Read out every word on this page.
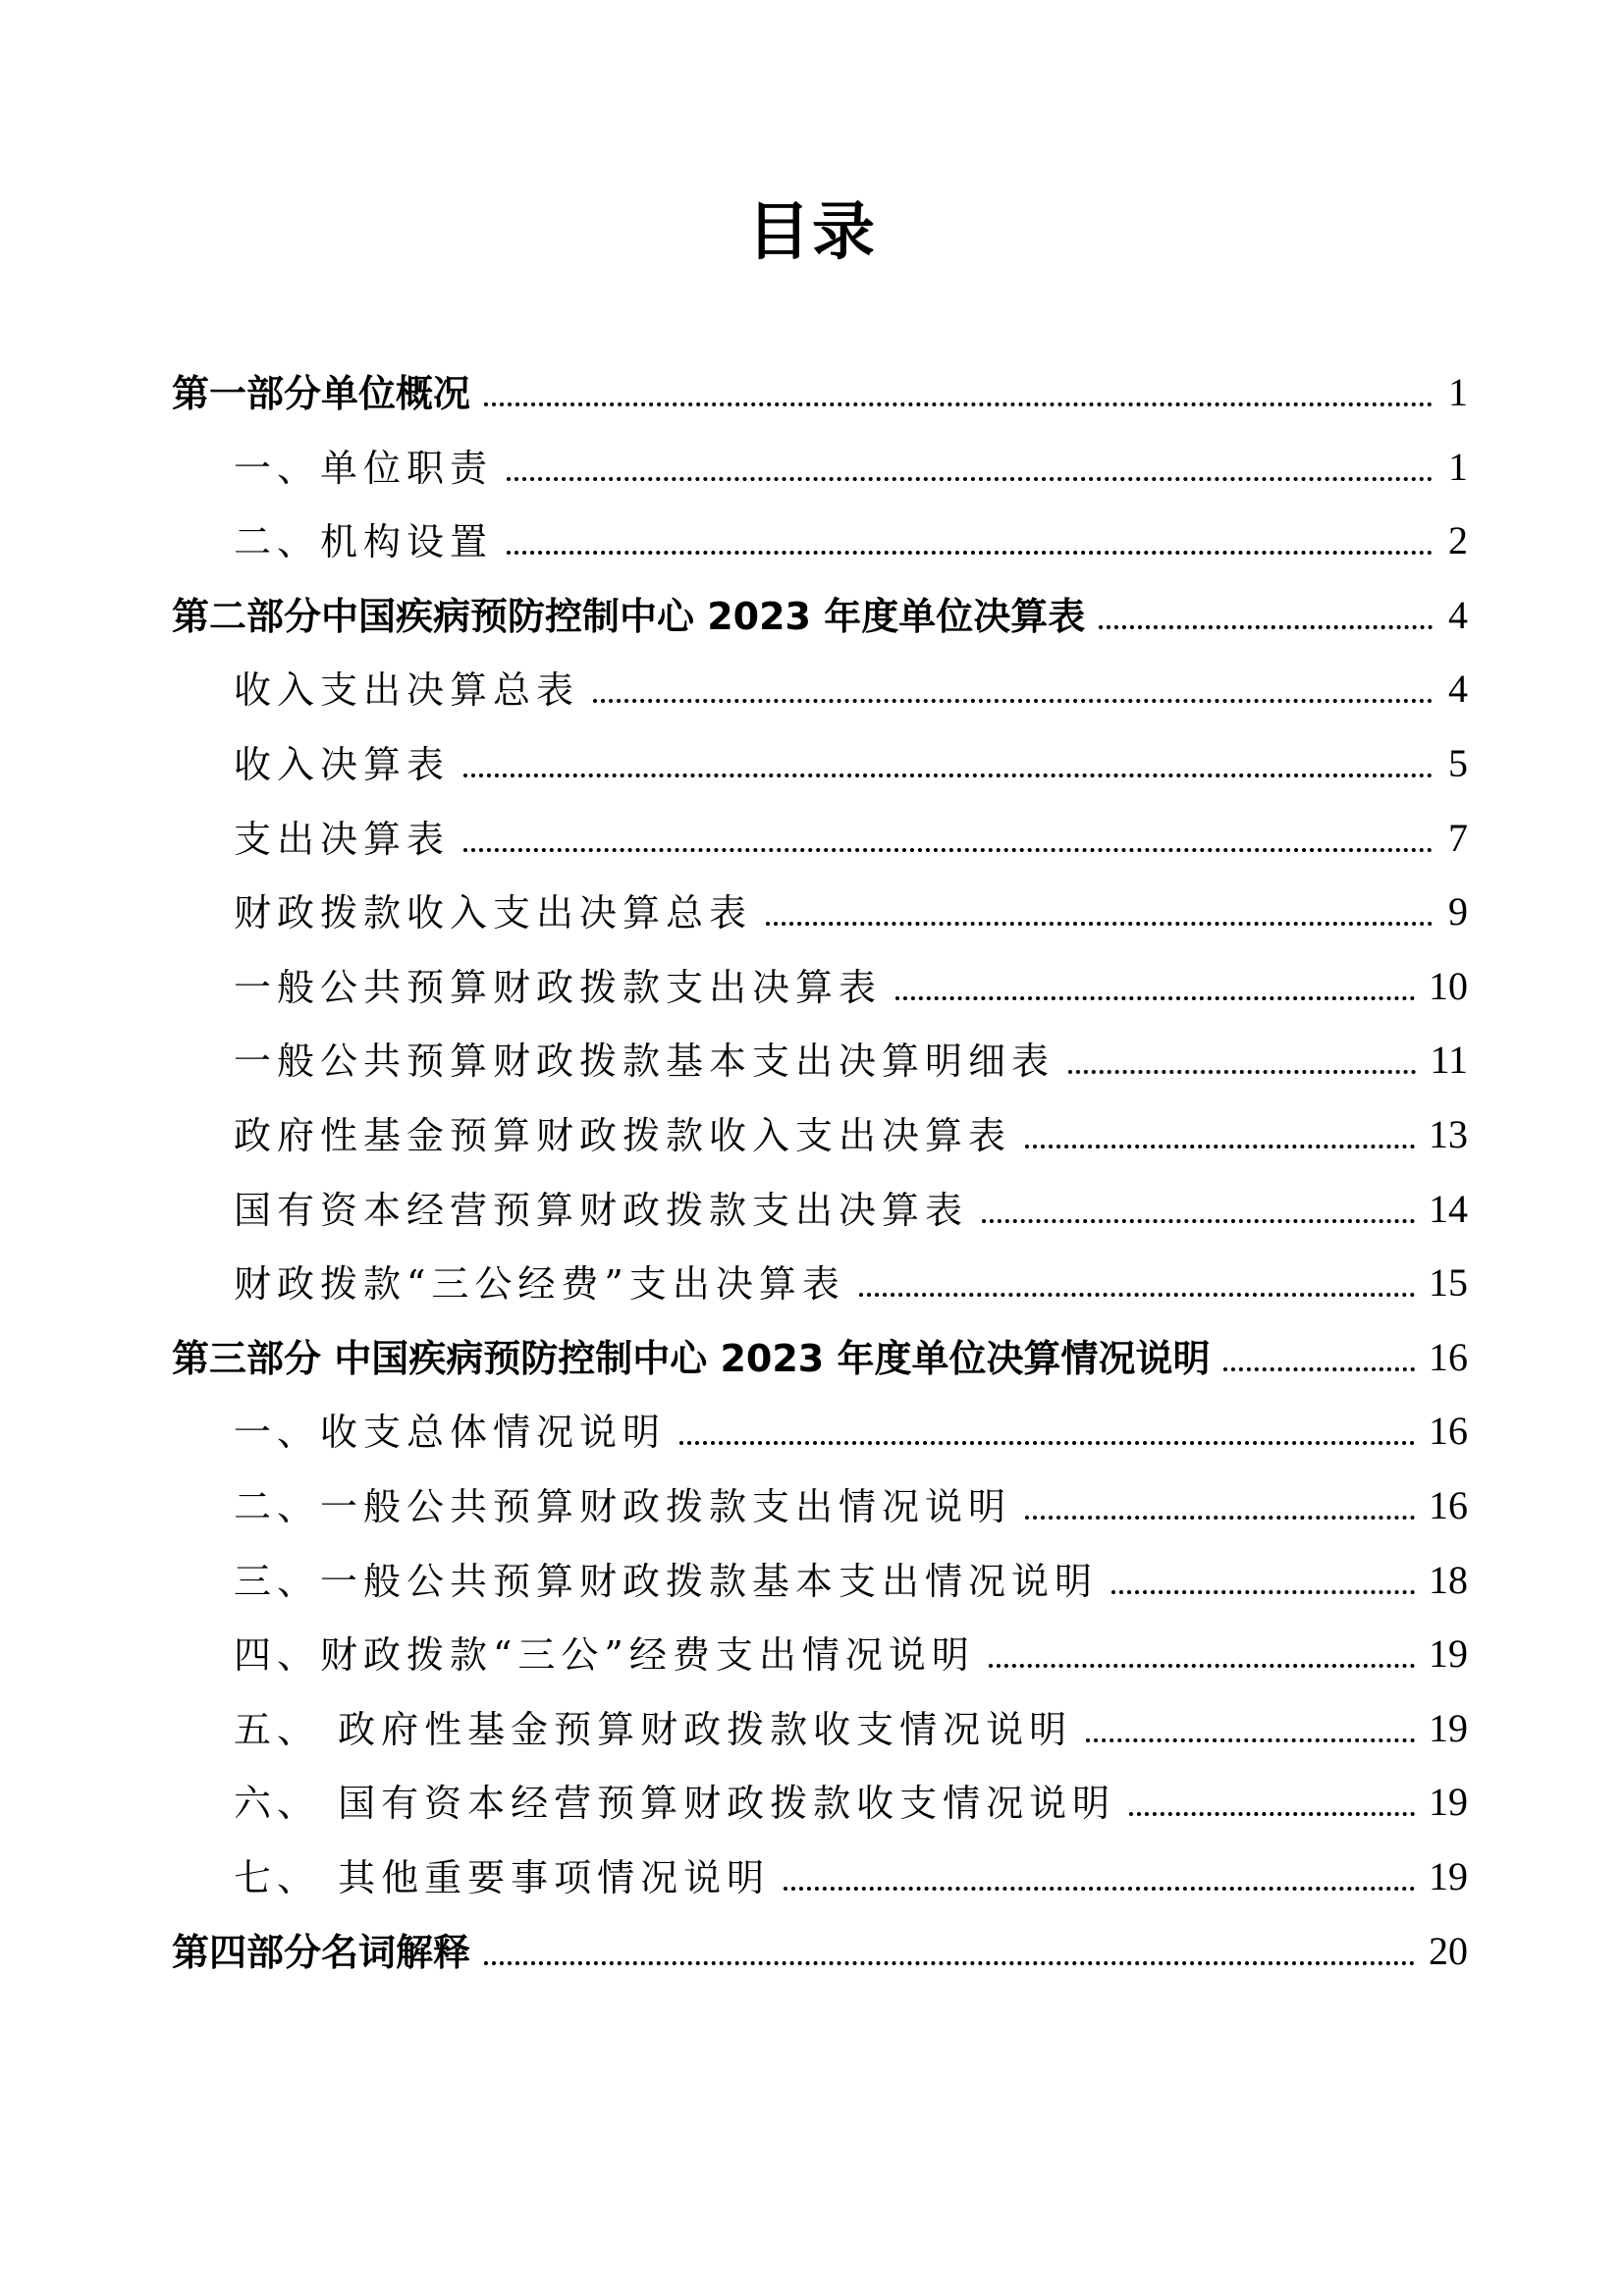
目录
第一部分单位概况	1
一、单位职责	1
二、机构设置	2
第二部分中国疾病预防控制中心 2023 年度单位决算表	4
收入支出决算总表	4
收入决算表	5
支出决算表	7
财政拨款收入支出决算总表	9
一般公共预算财政拨款支出决算表	10
一般公共预算财政拨款基本支出决算明细表	11
政府性基金预算财政拨款收入支出决算表	13
国有资本经营预算财政拨款支出决算表	14
财政拨款“三公经费”支出决算表	15
第三部分 中国疾病预防控制中心 2023 年度单位决算情况说明	16
一、收支总体情况说明	16
二、一般公共预算财政拨款支出情况说明	16
三、一般公共预算财政拨款基本支出情况说明	18
四、财政拨款“三公”经费支出情况说明	19
五、 政府性基金预算财政拨款收支情况说明	19
六、 国有资本经营预算财政拨款收支情况说明	19
七、 其他重要事项情况说明	19
第四部分名词解释	20
